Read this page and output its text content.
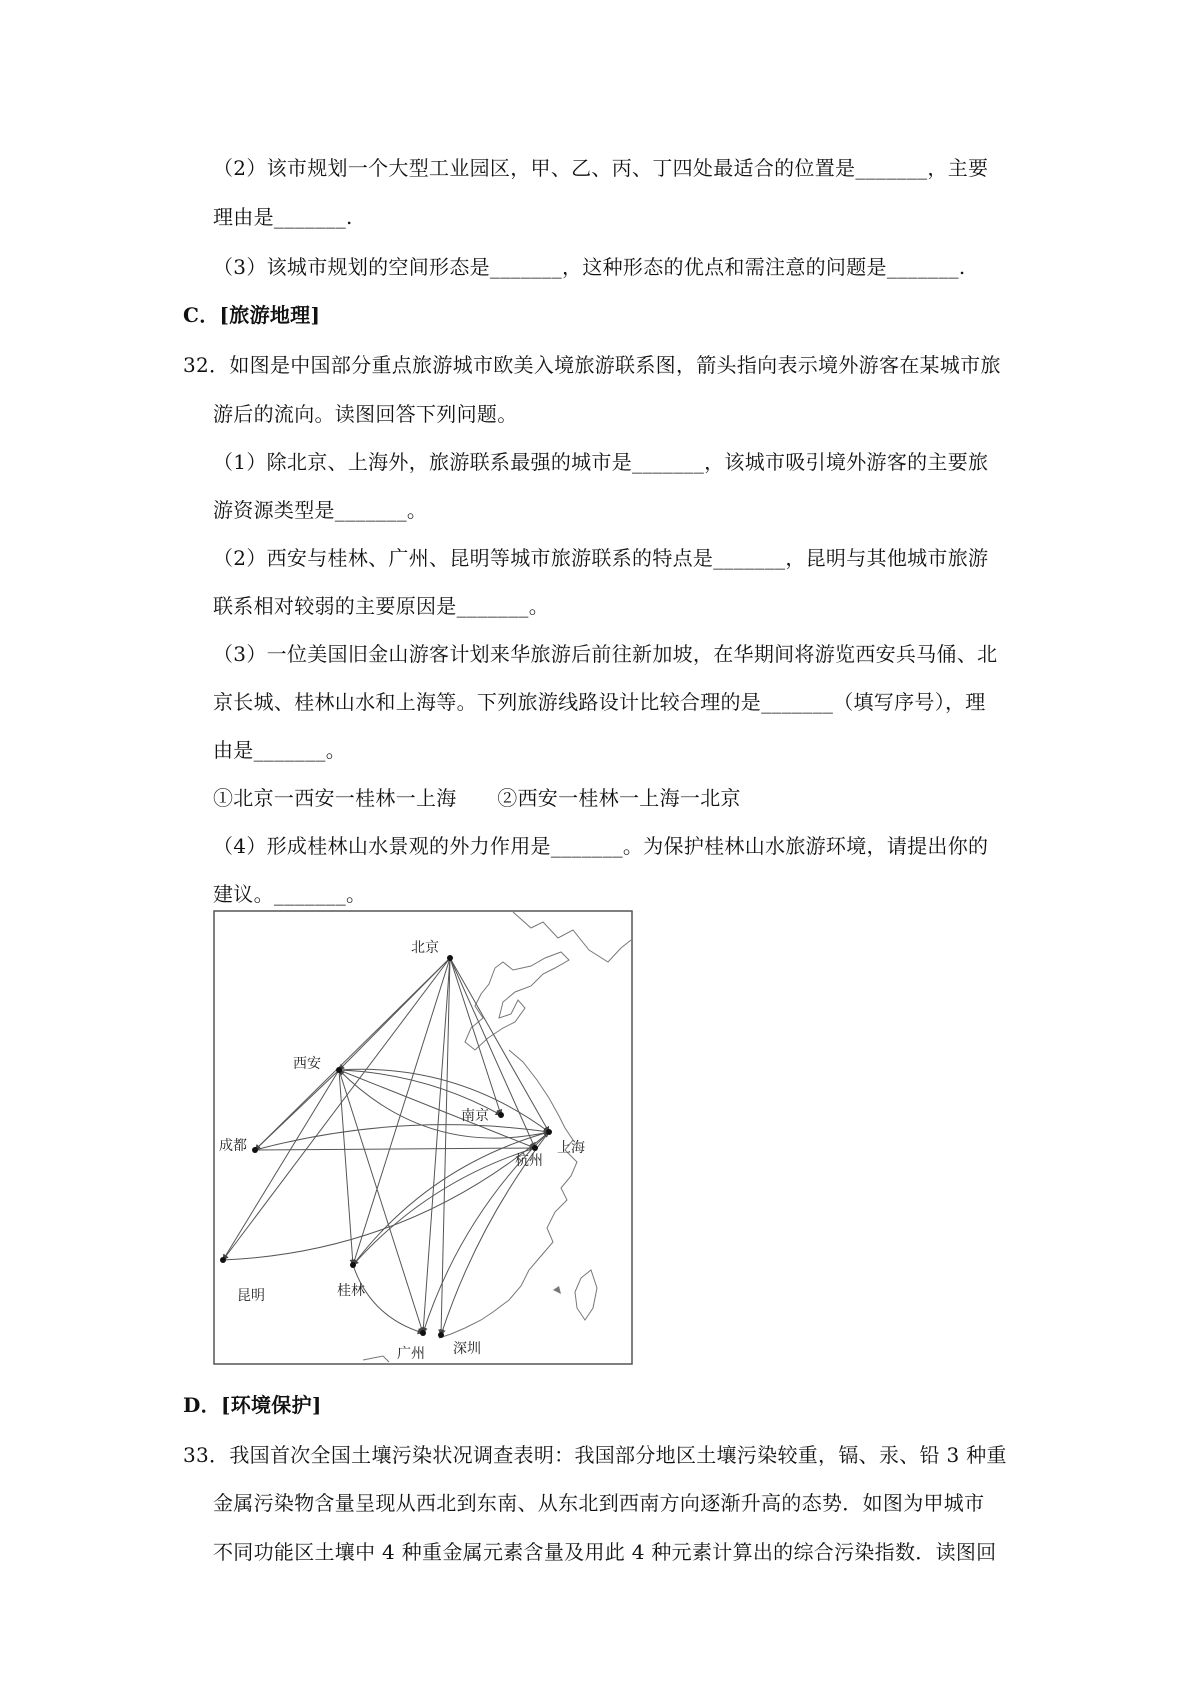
（2）该市规划一个大型工业园区，甲、乙、丙、丁四处最适合的位置是_______，主要
理由是_______.
（3）该城市规划的空间形态是_______，这种形态的优点和需注意的问题是_______.
C．[旅游地理]
32．如图是中国部分重点旅游城市欧美入境旅游联系图，箭头指向表示境外游客在某城市旅
游后的流向。读图回答下列问题。
（1）除北京、上海外，旅游联系最强的城市是_______，该城市吸引境外游客的主要旅
游资源类型是_______。
（2）西安与桂林、广州、昆明等城市旅游联系的特点是_______，昆明与其他城市旅游
联系相对较弱的主要原因是_______。
（3）一位美国旧金山游客计划来华旅游后前往新加坡，在华期间将游览西安兵马俑、北
京长城、桂林山水和上海等。下列旅游线路设计比较合理的是_______（填写序号），理
由是_______。
①北京一西安一桂林一上海　　②西安一桂林一上海一北京
（4）形成桂林山水景观的外力作用是_______。为保护桂林山水旅游环境，请提出你的
建议。_______。
北京
西安
南京
上海
成都
杭州
昆明	桂林
广州 深圳
D．[环境保护]
33．我国首次全国土壤污染状况调查表明：我国部分地区土壤污染较重，镉、汞、铅 3 种重
金属污染物含量呈现从西北到东南、从东北到西南方向逐渐升高的态势．如图为甲城市
不同功能区土壤中 4 种重金属元素含量及用此 4 种元素计算出的综合污染指数．读图回
